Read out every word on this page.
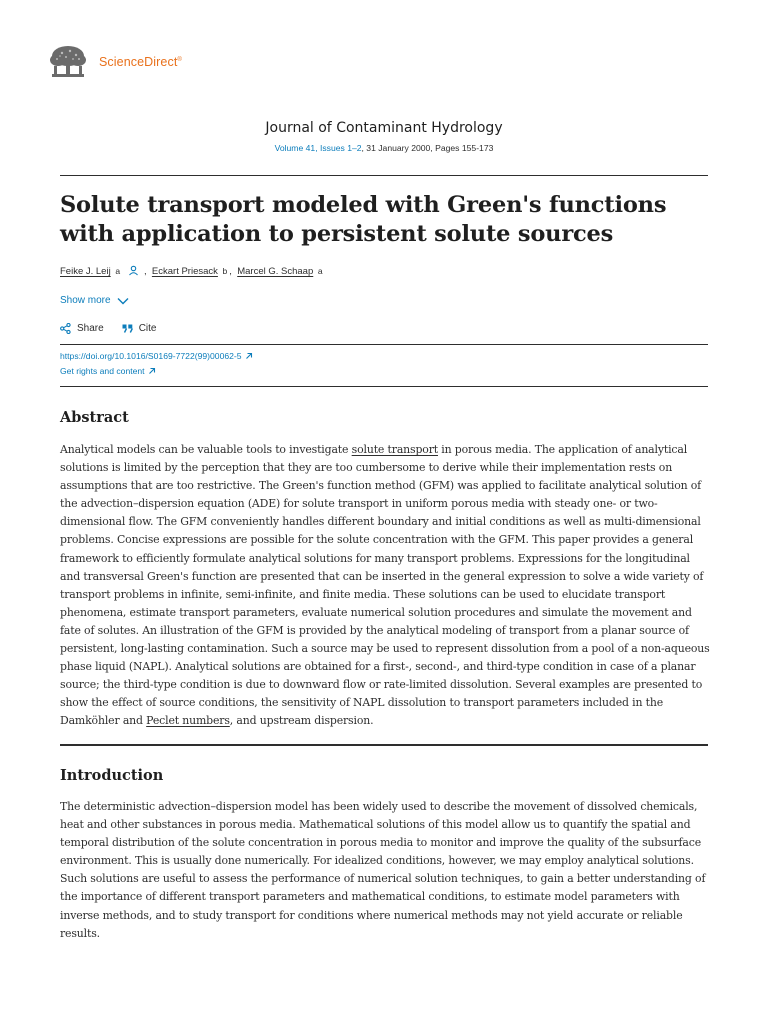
ScienceDirect®
Journal of Contaminant Hydrology
Volume 41, Issues 1–2, 31 January 2000, Pages 155-173
Solute transport modeled with Green's functions with application to persistent solute sources
Feike J. Leij a   ,  Eckart Priesack b ,  Marcel G. Schaap a
Show more
Share	Cite
https://doi.org/10.1016/S0169-7722(99)00062-5
Get rights and content
Abstract

Analytical models can be valuable tools to investigate solute transport in porous media. The application of analytical solutions is limited by the perception that they are too cumbersome to derive while their implementation rests on assumptions that are too restrictive. The Green's function method (GFM) was applied to facilitate analytical solution of the advection–dispersion equation (ADE) for solute transport in uniform porous media with steady one- or two-dimensional flow. The GFM conveniently handles different boundary and initial conditions as well as multi-dimensional problems. Concise expressions are possible for the solute concentration with the GFM. This paper provides a general framework to efficiently formulate analytical solutions for many transport problems. Expressions for the longitudinal and transversal Green's function are presented that can be inserted in the general expression to solve a wide variety of transport problems in infinite, semi-infinite, and finite media. These solutions can be used to elucidate transport phenomena, estimate transport parameters, evaluate numerical solution procedures and simulate the movement and fate of solutes. An illustration of the GFM is provided by the analytical modeling of transport from a planar source of persistent, long-lasting contamination. Such a source may be used to represent dissolution from a pool of a non-aqueous phase liquid (NAPL). Analytical solutions are obtained for a first-, second-, and third-type condition in case of a planar source; the third-type condition is due to downward flow or rate-limited dissolution. Several examples are presented to show the effect of source conditions, the sensitivity of NAPL dissolution to transport parameters included in the Damköhler and Peclet numbers, and upstream dispersion.

Introduction

The deterministic advection–dispersion model has been widely used to describe the movement of dissolved chemicals, heat and other substances in porous media. Mathematical solutions of this model allow us to quantify the spatial and temporal distribution of the solute concentration in porous media to monitor and improve the quality of the subsurface environment. This is usually done numerically. For idealized conditions, however, we may employ analytical solutions. Such solutions are useful to assess the performance of numerical solution techniques, to gain a better understanding of the importance of different transport parameters and mathematical conditions, to estimate model parameters with inverse methods, and to study transport for conditions where numerical methods may not yield accurate or reliable results.
